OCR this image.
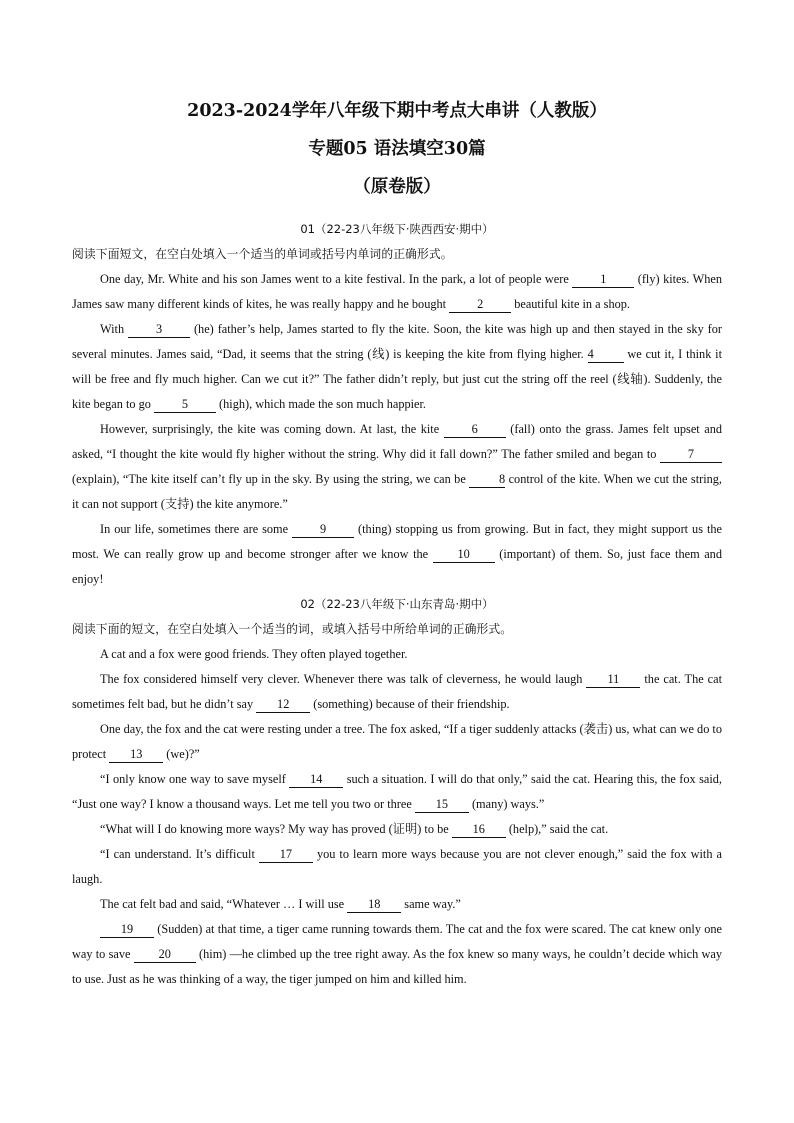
2023-2024学年八年级下期中考点大串讲（人教版）
专题05 语法填空30篇
（原卷版）
01（22-23八年级下·陕西西安·期中）
阅读下面短文，在空白处填入一个适当的单词或括号内单词的正确形式。

One day, Mr. White and his son James went to a kite festival. In the park, a lot of people were 1 (fly) kites. When James saw many different kinds of kites, he was really happy and he bought 2 beautiful kite in a shop.

With 3 (he) father’s help, James started to fly the kite. Soon, the kite was high up and then stayed in the sky for several minutes. James said, “Dad, it seems that the string (线) is keeping the kite from flying higher. 4 we cut it, I think it will be free and fly much higher. Can we cut it?” The father didn’t reply, but just cut the string off the reel (线轴). Suddenly, the kite began to go 5 (high), which made the son much happier.

However, surprisingly, the kite was coming down. At last, the kite 6 (fall) onto the grass. James felt upset and asked, “I thought the kite would fly higher without the string. Why did it fall down?” The father smiled and began to 7 (explain), “The kite itself can’t fly up in the sky. By using the string, we can be 8 control of the kite. When we cut the string, it can not support (支持) the kite anymore.”

In our life, sometimes there are some 9 (thing) stopping us from growing. But in fact, they might support us the most. We can really grow up and become stronger after we know the 10 (important) of them. So, just face them and enjoy!

02（22-23八年级下·山东青岛·期中）
阅读下面的短文，在空白处填入一个适当的词，或填入括号中所给单词的正确形式。

A cat and a fox were good friends. They often played together.

The fox considered himself very clever. Whenever there was talk of cleverness, he would laugh 11 the cat. The cat sometimes felt bad, but he didn’t say 12 (something) because of their friendship.

One day, the fox and the cat were resting under a tree. The fox asked, “If a tiger suddenly attacks (袭击) us, what can we do to protect 13 (we)?”

“I only know one way to save myself 14 such a situation. I will do that only,” said the cat. Hearing this, the fox said, “Just one way? I know a thousand ways. Let me tell you two or three 15 (many) ways.”

“What will I do knowing more ways? My way has proved (证明) to be 16 (help),” said the cat.

“I can understand. It’s difficult 17 you to learn more ways because you are not clever enough,” said the fox with a laugh.

The cat felt bad and said, “Whatever … I will use 18 same way.”

19 (Sudden) at that time, a tiger came running towards them. The cat and the fox were scared. The cat knew only one way to save 20 (him) —he climbed up the tree right away. As the fox knew so many ways, he couldn’t decide which way to use. Just as he was thinking of a way, the tiger jumped on him and killed him.
